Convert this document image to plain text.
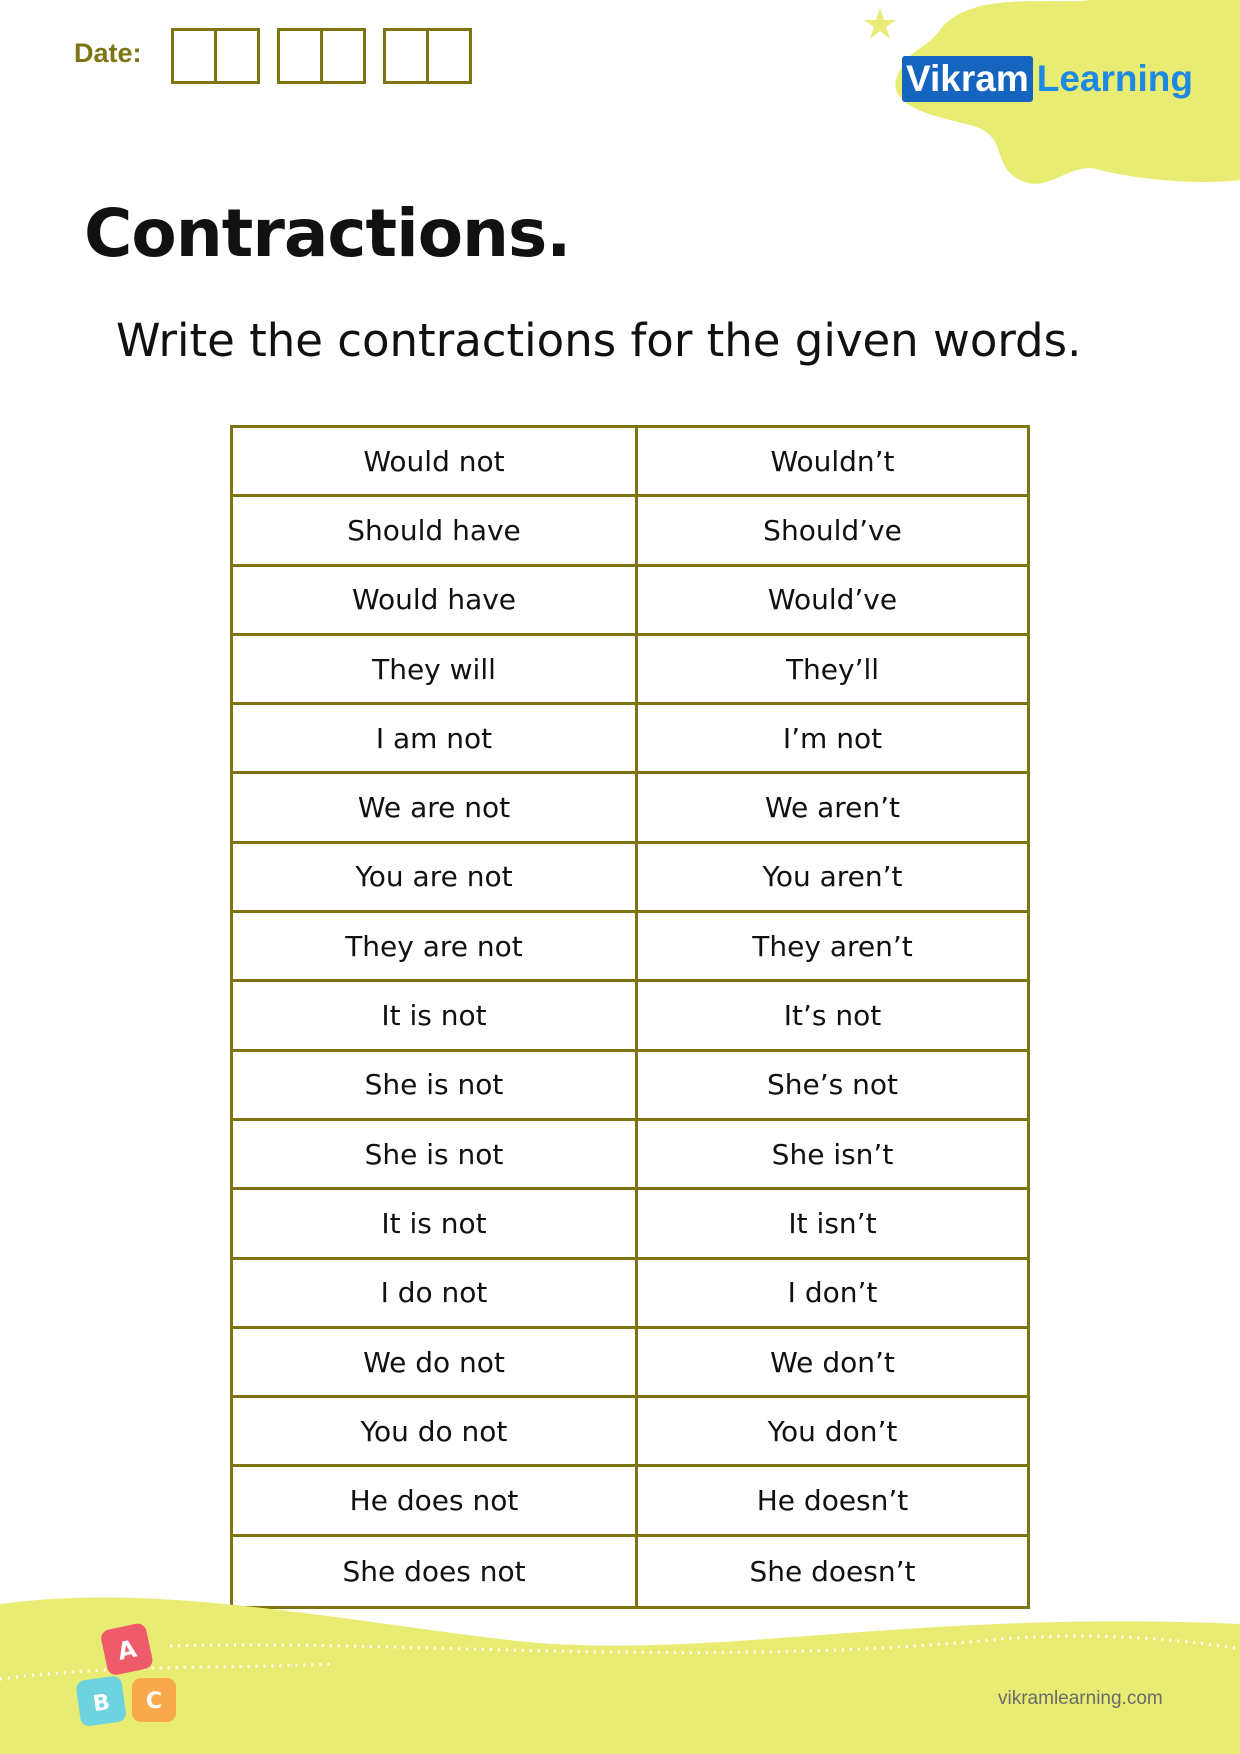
Date:
Vikram Learning
Contractions.
Write the contractions for the given words.
Would not	Wouldn’t
Should have	Should’ve
Would have	Would’ve
They will	They’ll
I am not	I’m not
We are not	We aren’t
You are not	You aren’t
They are not	They aren’t
It is not	It’s not
She is not	She’s not
She is not	She isn’t
It is not	It isn’t
I do not	I don’t
We do not	We don’t
You do not	You don’t
He does not	He doesn’t
She does not	She doesn’t
A
B C	vikramlearning.com
